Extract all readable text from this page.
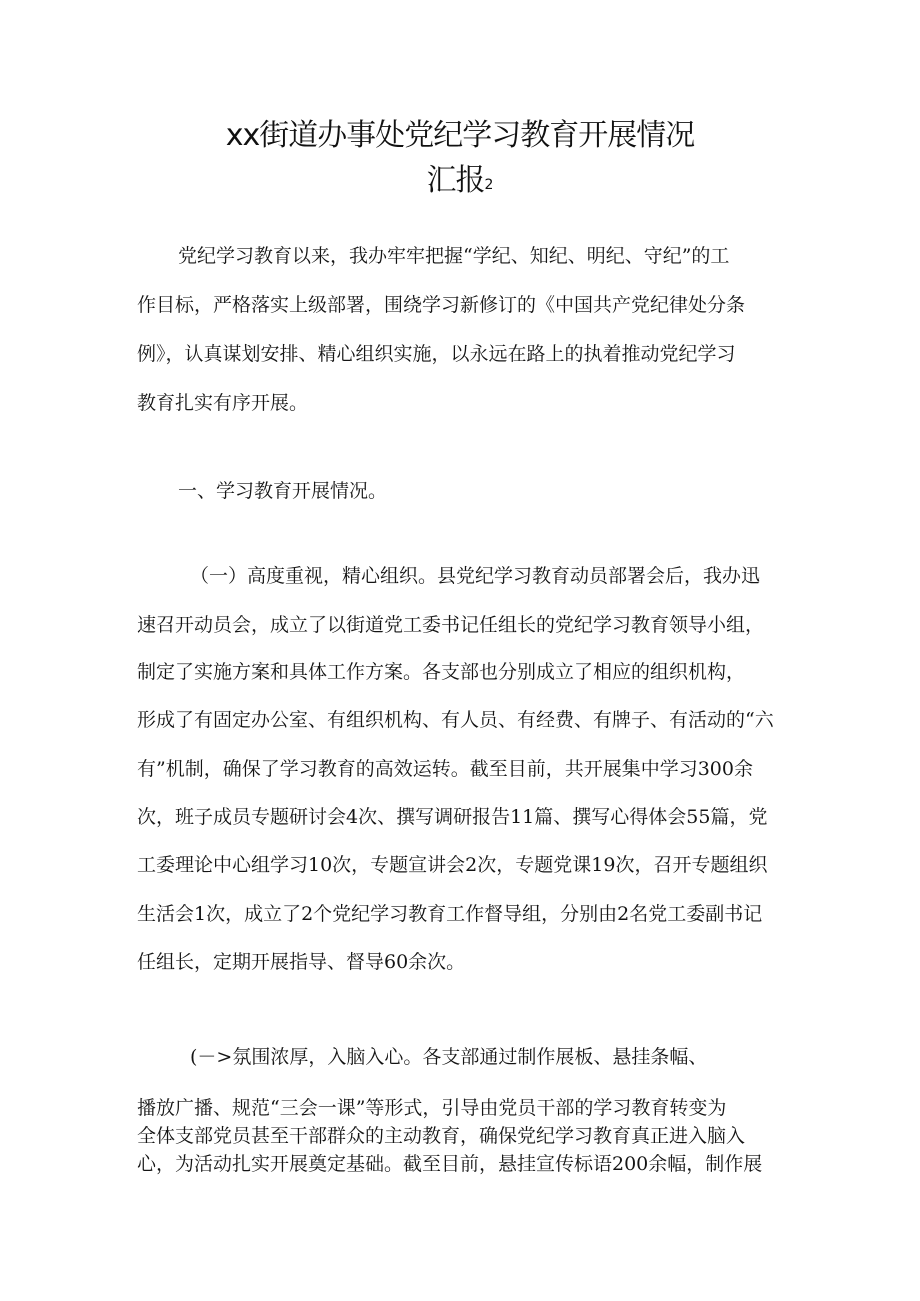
xx街道办事处党纪学习教育开展情况
汇报$^2$
党纪学习教育以来，我办牢牢把握“学纪、知纪、明纪、守纪”的工
作目标，严格落实上级部署，围绕学习新修订的《中国共产党纪律处分条
例》，认真谋划安排、精心组织实施，以永远在路上的执着推动党纪学习
教育扎实有序开展。
一、学习教育开展情况。
（一）高度重视，精心组织。县党纪学习教育动员部署会后，我办迅
速召开动员会，成立了以街道党工委书记任组长的党纪学习教育领导小组，
制定了实施方案和具体工作方案。各支部也分别成立了相应的组织机构，
形成了有固定办公室、有组织机构、有人员、有经费、有牌子、有活动的“六
有”机制，确保了学习教育的高效运转。截至目前，共开展集中学习300余
次，班子成员专题研讨会4次、撰写调研报告11篇、撰写心得体会55篇，党
工委理论中心组学习10次，专题宣讲会2次，专题党课19次，召开专题组织
生活会1次，成立了2个党纪学习教育工作督导组，分别由2名党工委副书记
任组长，定期开展指导、督导60余次。
(－>氛围浓厚，入脑入心。各支部通过制作展板、悬挂条幅、
播放广播、规范“三会一课”等形式，引导由党员干部的学习教育转变为
全体支部党员甚至干部群众的主动教育，确保党纪学习教育真正进入脑入
心，为活动扎实开展奠定基础。截至目前，悬挂宣传标语200余幅，制作展
